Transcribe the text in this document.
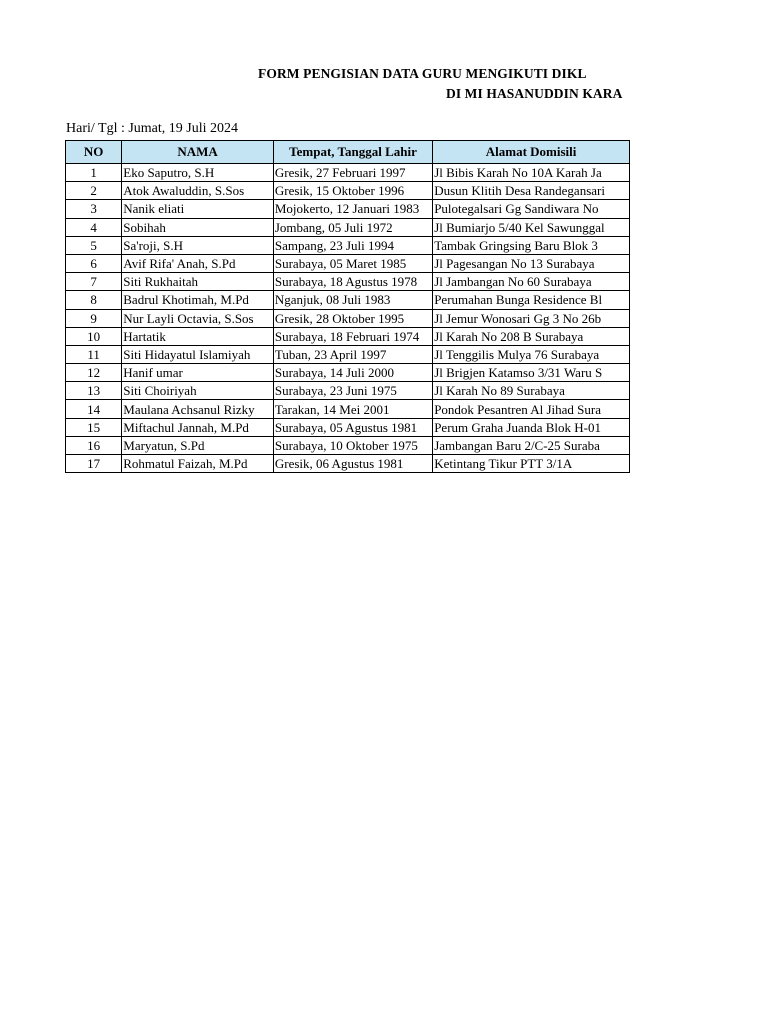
FORM PENGISIAN DATA GURU MENGIKUTI DIKL
DI MI HASANUDDIN KARA
Hari/ Tgl : Jumat, 19 Juli 2024
NO	NAMA	Tempat, Tanggal Lahir	Alamat Domisili
1	Eko Saputro, S.H	Gresik, 27 Februari 1997	Jl Bibis Karah No 10A Karah Ja
2	Atok Awaluddin, S.Sos	Gresik, 15 Oktober 1996	Dusun Klitih Desa Randegansari
3	Nanik eliati	Mojokerto, 12 Januari 1983	Pulotegalsari Gg Sandiwara No
4	Sobihah	Jombang, 05 Juli 1972	Jl Bumiarjo 5/40 Kel Sawunggal
5	Sa'roji, S.H	Sampang, 23 Juli 1994	Tambak Gringsing Baru Blok 3
6	Avif Rifa' Anah, S.Pd	Surabaya, 05 Maret 1985	Jl Pagesangan No 13 Surabaya
7	Siti Rukhaitah	Surabaya, 18 Agustus 1978	Jl Jambangan No 60 Surabaya
8	Badrul Khotimah, M.Pd	Nganjuk, 08 Juli 1983	Perumahan Bunga Residence Bl
9	Nur Layli Octavia, S.Sos	Gresik, 28 Oktober 1995	Jl Jemur Wonosari Gg 3 No 26b
10	Hartatik	Surabaya, 18 Februari 1974	Jl Karah No 208 B Surabaya
11	Siti Hidayatul Islamiyah	Tuban, 23 April 1997	Jl Tenggilis Mulya 76 Surabaya
12	Hanif umar	Surabaya, 14 Juli 2000	Jl Brigjen Katamso 3/31 Waru S
13	Siti Choiriyah	Surabaya, 23 Juni 1975	Jl Karah No 89 Surabaya
14	Maulana Achsanul Rizky	Tarakan, 14 Mei 2001	Pondok Pesantren Al Jihad Sura
15	Miftachul Jannah, M.Pd	Surabaya, 05 Agustus 1981	Perum Graha Juanda Blok H-01
16	Maryatun, S.Pd	Surabaya, 10 Oktober 1975	Jambangan Baru 2/C-25 Suraba
17	Rohmatul Faizah, M.Pd	Gresik, 06 Agustus 1981	Ketintang Tikur PTT 3/1A
